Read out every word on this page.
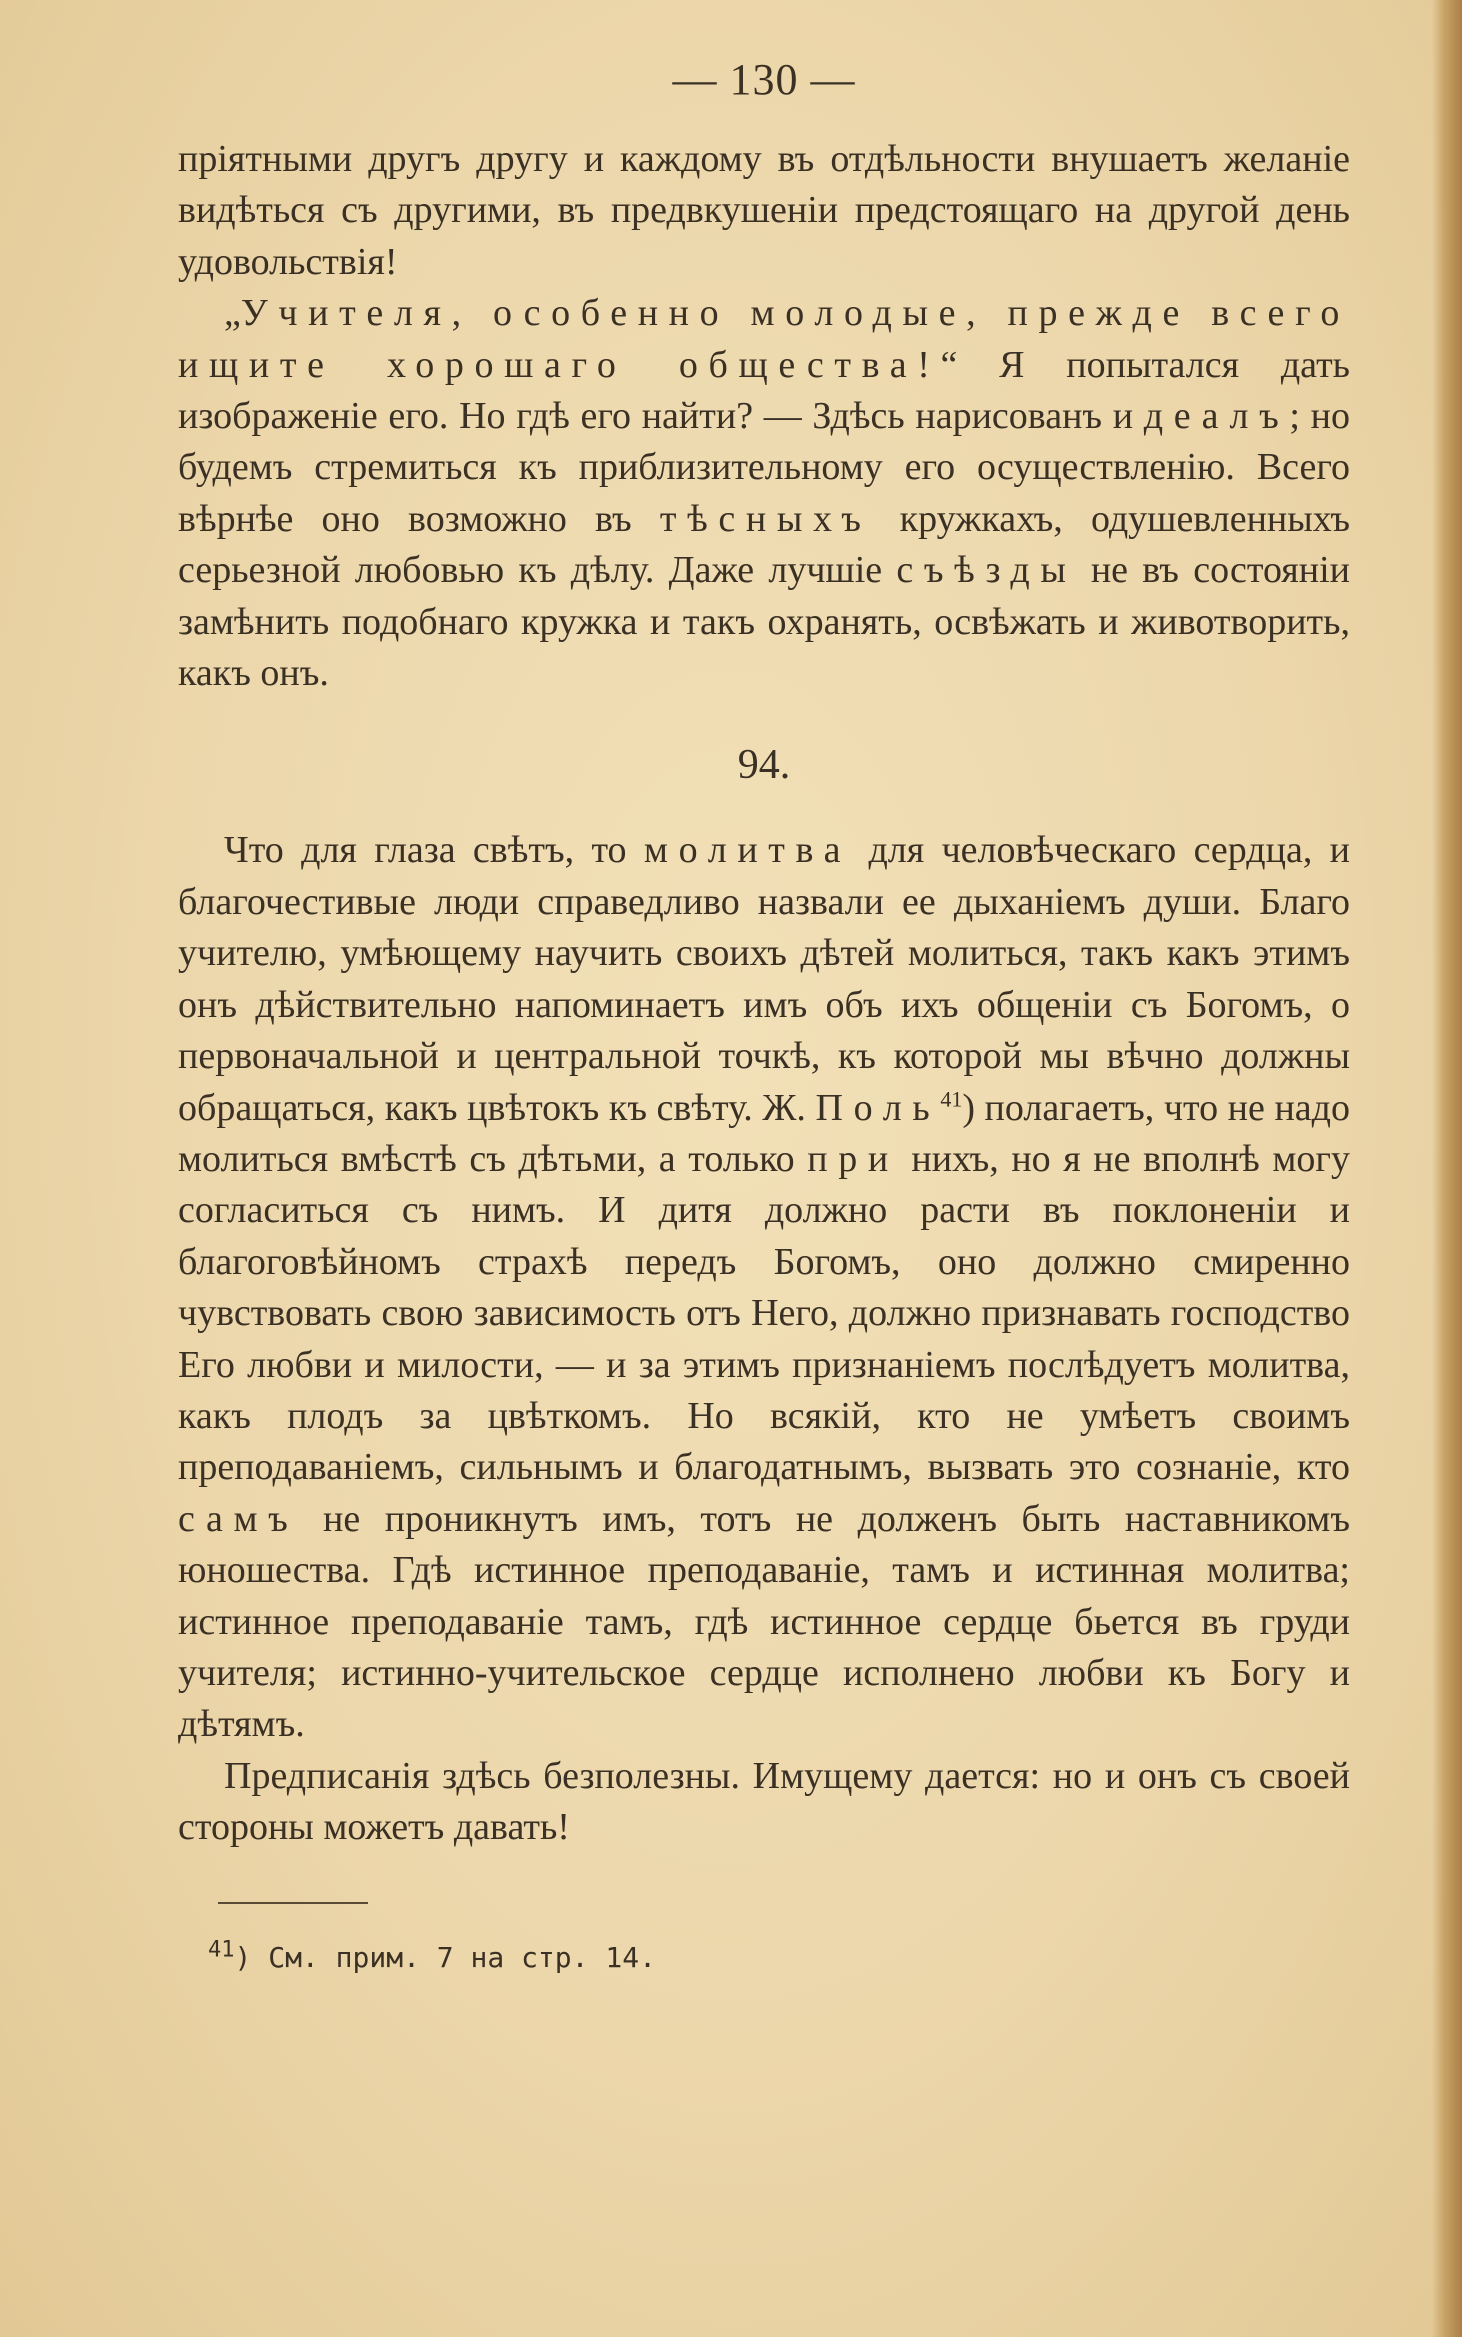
— 130 —

пріятными другъ другу и каждому въ отдѣльности внушаетъ желаніе видѣться съ другими, въ предвкушеніи предстоящаго на другой день удовольствія!

„Учителя, особенно молодые, прежде всего ищите хорошаго общества!“ Я попытался дать изображеніе его. Но гдѣ его найти? — Здѣсь нарисованъ идеалъ; но будемъ стремиться къ приблизительному его осуществленію. Всего вѣрнѣе оно возможно въ тѣсныхъ кружкахъ, одушевленныхъ серьезной любовью къ дѣлу. Даже лучшіе съѣзды не въ состояніи замѣнить подобнаго кружка и такъ охранять, освѣжать и животворить, какъ онъ.

94.

Что для глаза свѣтъ, то молитва для человѣческаго сердца, и благочестивые люди справедливо назвали ее дыханіемъ души. Благо учителю, умѣющему научить своихъ дѣтей молиться, такъ какъ этимъ онъ дѣйствительно напоминаетъ имъ объ ихъ общеніи съ Богомъ, о первоначальной и центральной точкѣ, къ которой мы вѣчно должны обращаться, какъ цвѣтокъ къ свѣту. Ж. Поль$^{41}$) полагаетъ, что не надо молиться вмѣстѣ съ дѣтьми, а только при нихъ, но я не вполнѣ могу согласиться съ нимъ. И дитя должно расти въ поклоненіи и благоговѣйномъ страхѣ передъ Богомъ, оно должно смиренно чувствовать свою зависимость отъ Него, должно признавать господство Его любви и милости, — и за этимъ признаніемъ послѣдуетъ молитва, какъ плодъ за цвѣткомъ. Но всякій, кто не умѣетъ своимъ преподаваніемъ, сильнымъ и благодатнымъ, вызвать это сознаніе, кто самъ не проникнутъ имъ, тотъ не долженъ быть наставникомъ юношества. Гдѣ истинное преподаваніе, тамъ и истинная молитва; истинное преподаваніе тамъ, гдѣ истинное сердце бьется въ груди учителя; истинно-учительское сердце исполнено любви къ Богу и дѣтямъ.

Предписанія здѣсь безполезны. Имущему дается: но и онъ съ своей стороны можетъ давать!

$^{41}$) См. прим. 7 на стр. 14.
